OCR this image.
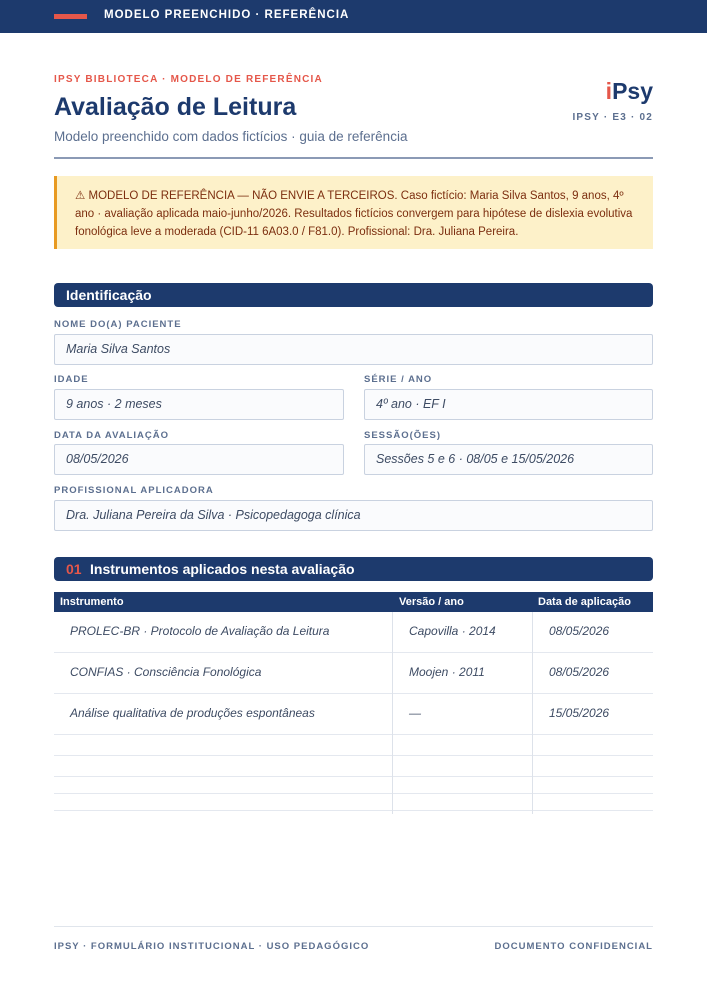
MODELO PREENCHIDO · REFERÊNCIA
IPSY BIBLIOTECA · MODELO DE REFERÊNCIA
Avaliação de Leitura
Modelo preenchido com dados fictícios · guia de referência
iPsy
IPSY · E3 · 02
⚠ MODELO DE REFERÊNCIA — NÃO ENVIE A TERCEIROS. Caso fictício: Maria Silva Santos, 9 anos, 4º ano · avaliação aplicada maio-junho/2026. Resultados fictícios convergem para hipótese de dislexia evolutiva fonológica leve a moderada (CID-11 6A03.0 / F81.0). Profissional: Dra. Juliana Pereira.
Identificação
NOME DO(A) PACIENTE
Maria Silva Santos
IDADE
9 anos · 2 meses
SÉRIE / ANO
4º ano · EF I
DATA DA AVALIAÇÃO
08/05/2026
SESSÃO(ÕES)
Sessões 5 e 6 · 08/05 e 15/05/2026
PROFISSIONAL APLICADORA
Dra. Juliana Pereira da Silva · Psicopedagoga clínica
01 Instrumentos aplicados nesta avaliação
Instrumento	Versão / ano	Data de aplicação
PROLEC-BR · Protocolo de Avaliação da Leitura	Capovilla · 2014	08/05/2026
CONFIAS · Consciência Fonológica	Moojen · 2011	08/05/2026
Análise qualitativa de produções espontâneas	—	15/05/2026
IPSY · FORMULÁRIO INSTITUCIONAL · USO PEDAGÓGICO	DOCUMENTO CONFIDENCIAL
